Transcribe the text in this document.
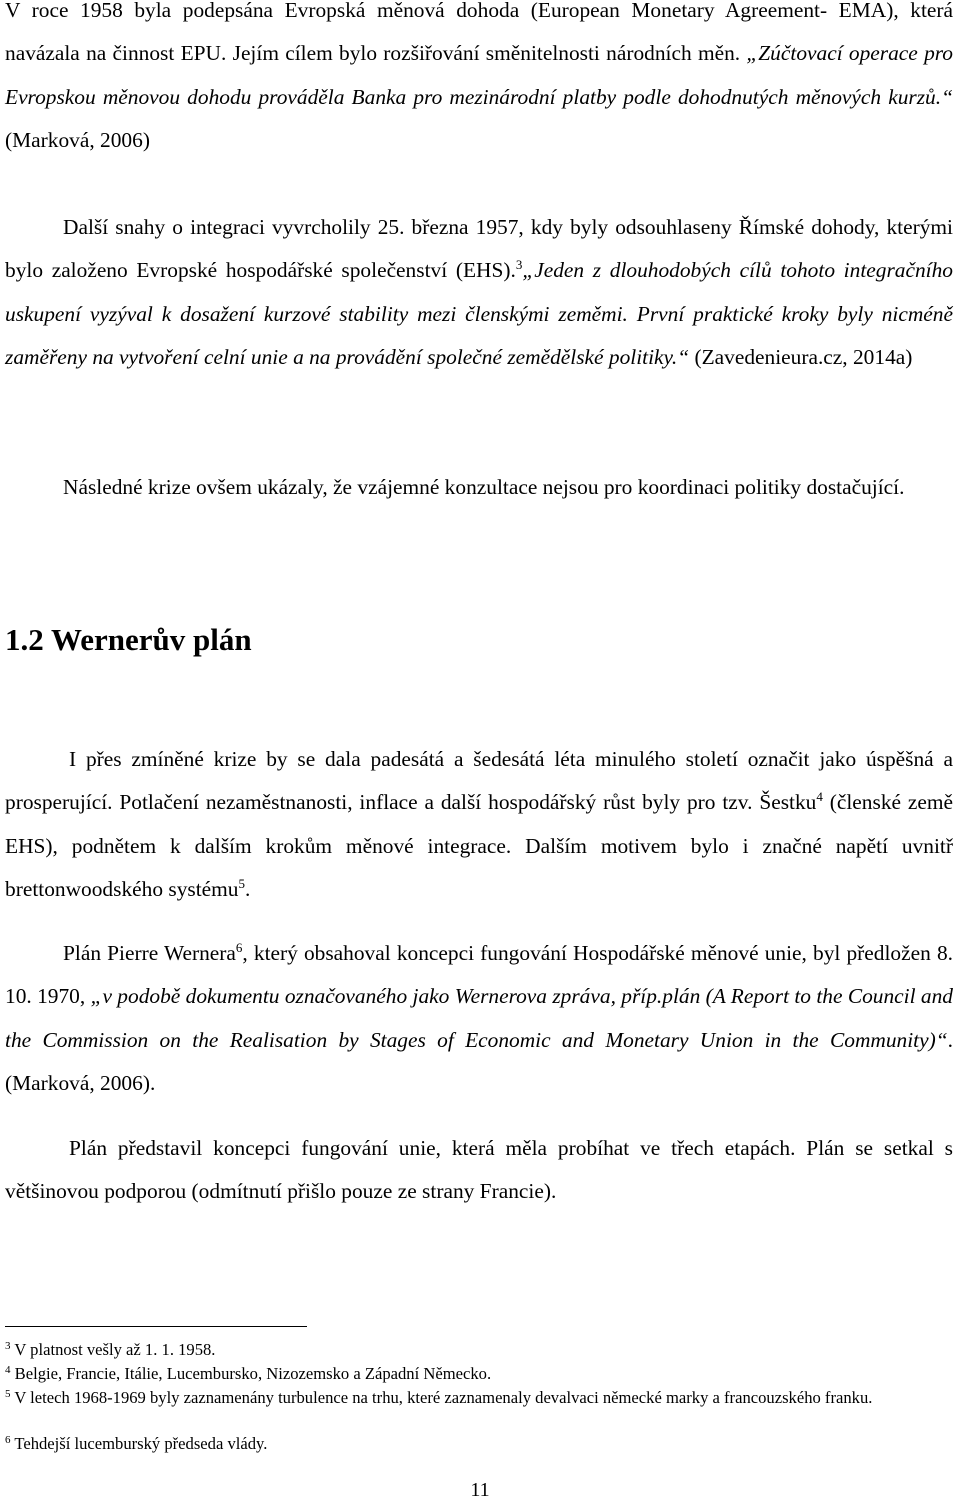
V roce 1958 byla podepsána Evropská měnová dohoda (European Monetary Agreement- EMA), která navázala na činnost EPU. Jejím cílem bylo rozšiřování směnitelnosti národních měn. „Zúčtovací operace pro Evropskou měnovou dohodu prováděla Banka pro mezinárodní platby podle dohodnutých měnových kurzů.“ (Marková, 2006)

Další snahy o integraci vyvrcholily 25. března 1957, kdy byly odsouhlaseny Římské dohody, kterými bylo založeno Evropské hospodářské společenství (EHS).$^3$„Jeden z dlouhodobých cílů tohoto integračního uskupení vyzýval k dosažení kurzové stability mezi členskými zeměmi. První praktické kroky byly nicméně zaměřeny na vytvoření celní unie a na provádění společné zemědělské politiky.“ (Zavedenieura.cz, 2014a)

Následné krize ovšem ukázaly, že vzájemné konzultace nejsou pro koordinaci politiky dostačující.

1.2 Wernerův plán

I přes zmíněné krize by se dala padesátá a šedesátá léta minulého století označit jako úspěšná a prosperující. Potlačení nezaměstnanosti, inflace a další hospodářský růst byly pro tzv. Šestku$^4$ (členské země EHS), podnětem k dalším krokům měnové integrace. Dalším motivem bylo i značné napětí uvnitř brettonwoodského systému$^5$.

Plán Pierre Wernera$^6$, který obsahoval koncepci fungování Hospodářské měnové unie, byl předložen 8. 10. 1970, „v podobě dokumentu označovaného jako Wernerova zpráva, příp.plán (A Report to the Council and the Commission on the Realisation by Stages of Economic and Monetary Union in the Community)“. (Marková, 2006).

Plán představil koncepci fungování unie, která měla probíhat ve třech etapách. Plán se setkal s většinovou podporou (odmítnutí přišlo pouze ze strany Francie).

$^3$ V platnost vešly až 1. 1. 1958.

$^4$ Belgie, Francie, Itálie, Lucembursko, Nizozemsko a Západní Německo.

$^5$ V letech 1968-1969 byly zaznamenány turbulence na trhu, které zaznamenaly devalvaci německé marky a francouzského franku.

$^6$ Tehdejší lucemburský předseda vlády.

11
